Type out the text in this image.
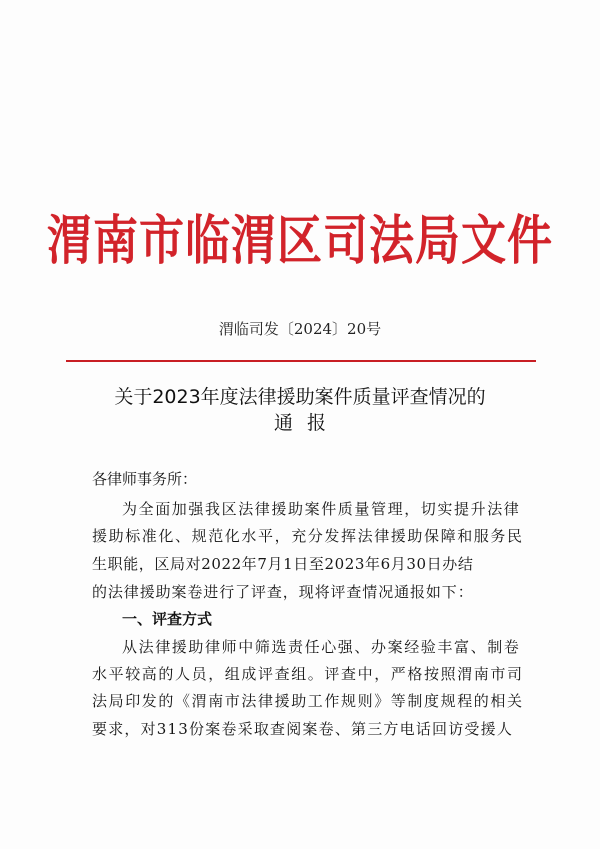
渭南市临渭区司法局文件
渭临司发〔2024〕20号
关于2023年度法律援助案件质量评查情况的
通报
各律师事务所：
为全面加强我区法律援助案件质量管理，切实提升法律
援助标准化、规范化水平，充分发挥法律援助保障和服务民
生职能，区局对2022年7月1日至2023年6月30日办结
的法律援助案卷进行了评查，现将评查情况通报如下：
一、评查方式
从法律援助律师中筛选责任心强、办案经验丰富、制卷
水平较高的人员，组成评查组。评查中，严格按照渭南市司
法局印发的《渭南市法律援助工作规则》等制度规程的相关
要求，对313份案卷采取查阅案卷、第三方电话回访受援人
